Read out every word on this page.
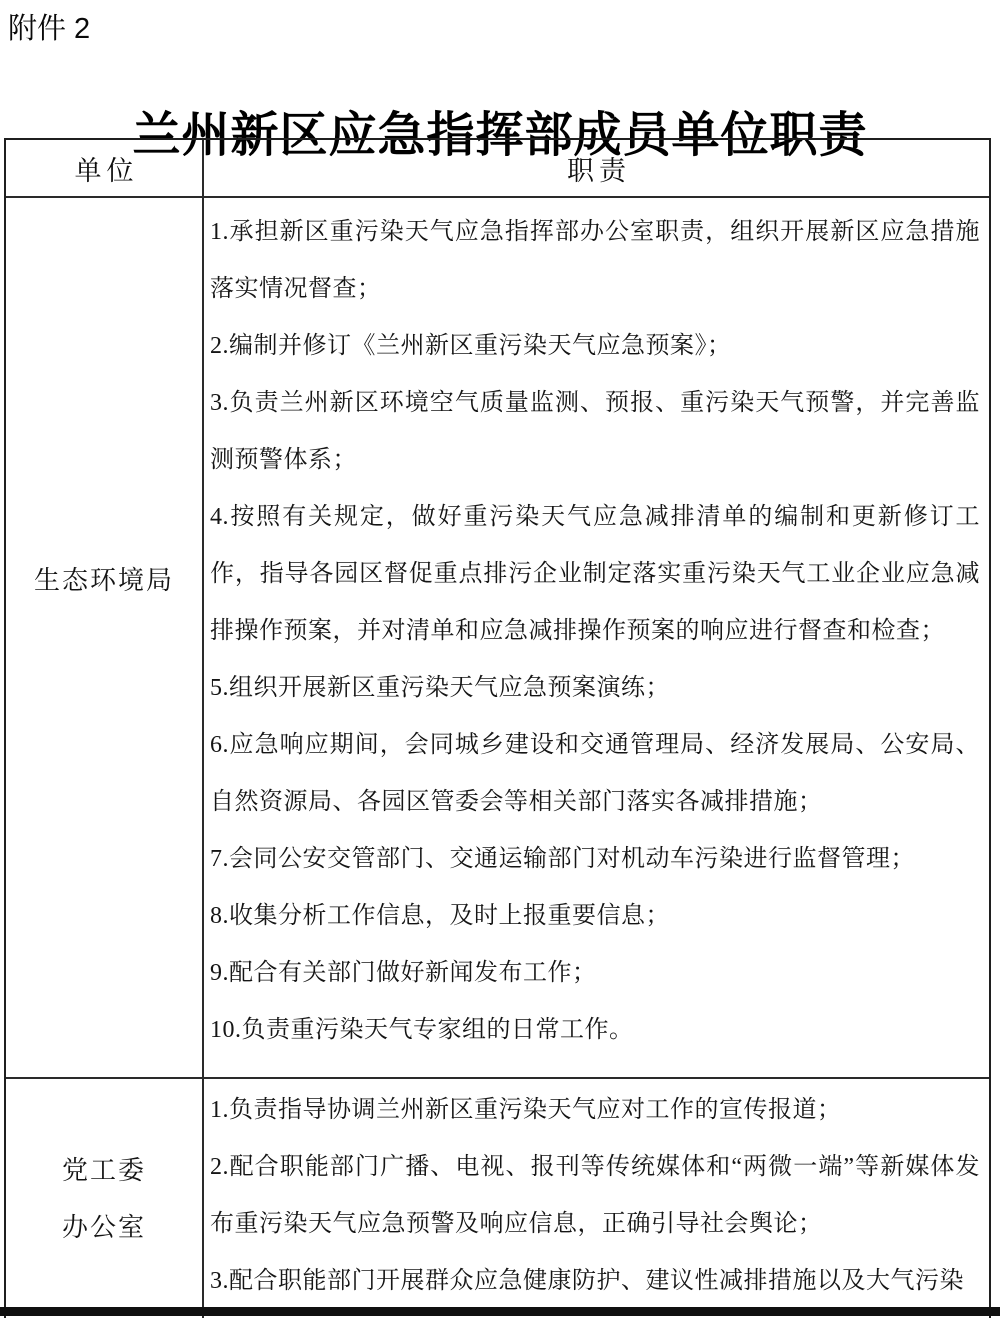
附件 2
兰州新区应急指挥部成员单位职责
单位	职责
生态环境局

1.承担新区重污染天气应急指挥部办公室职责，组织开展新区应急措施落实情况督查；

2.编制并修订《兰州新区重污染天气应急预案》；

3.负责兰州新区环境空气质量监测、预报、重污染天气预警，并完善监测预警体系；

4.按照有关规定，做好重污染天气应急减排清单的编制和更新修订工作，指导各园区督促重点排污企业制定落实重污染天气工业企业应急减排操作预案，并对清单和应急减排操作预案的响应进行督查和检查；

5.组织开展新区重污染天气应急预案演练；

6.应急响应期间，会同城乡建设和交通管理局、经济发展局、公安局、自然资源局、各园区管委会等相关部门落实各减排措施；

7.会同公安交管部门、交通运输部门对机动车污染进行监督管理；

8.收集分析工作信息，及时上报重要信息；

9.配合有关部门做好新闻发布工作；

10.负责重污染天气专家组的日常工作。

党工委
办公室

1.负责指导协调兰州新区重污染天气应对工作的宣传报道；

2.配合职能部门广播、电视、报刊等传统媒体和“两微一端”等新媒体发布重污染天气应急预警及响应信息，正确引导社会舆论；

3.配合职能部门开展群众应急健康防护、建议性减排措施以及大气污染
